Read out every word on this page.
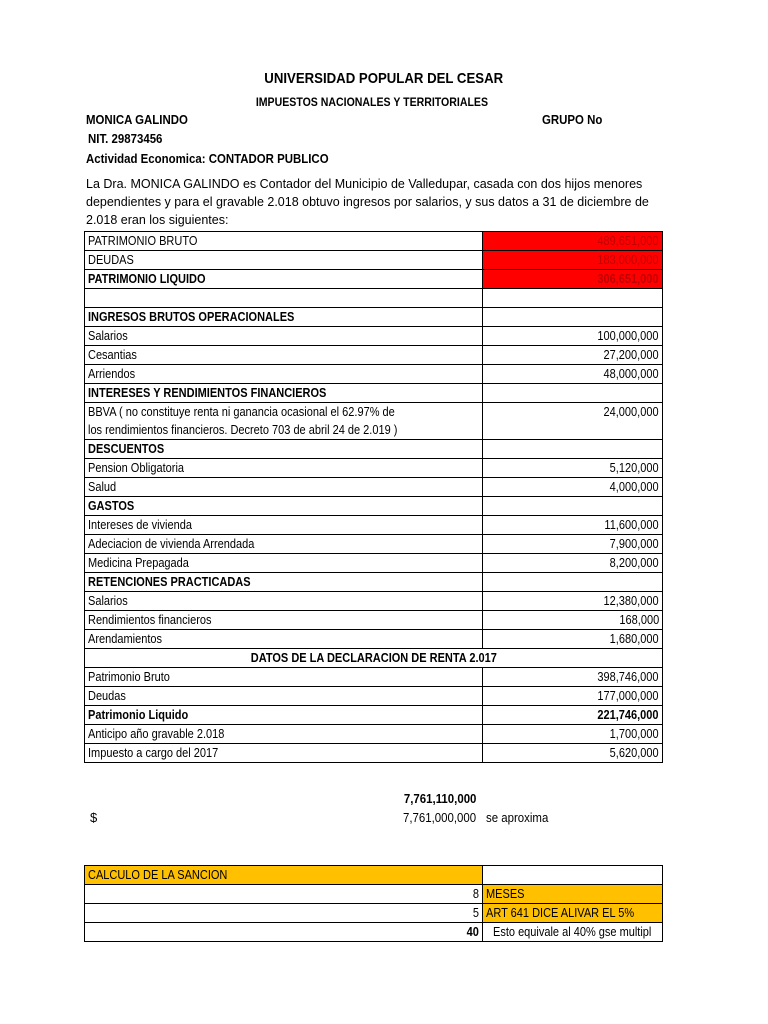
UNIVERSIDAD POPULAR DEL CESAR
IMPUESTOS NACIONALES Y TERRITORIALES
MONICA GALINDO	GRUPO No
NIT. 29873456
Actividad Economica: CONTADOR PUBLICO
La Dra. MONICA GALINDO es Contador del Municipio de Valledupar, casada con dos hijos menores dependientes y para el gravable 2.018 obtuvo ingresos por salarios, y sus datos a 31 de diciembre de 2.018 eran los siguientes:
PATRIMONIO BRUTO	489,651,000
DEUDAS	183,000,000
PATRIMONIO LIQUIDO	306,651,000

INGRESOS BRUTOS OPERACIONALES	
Salarios	100,000,000
Cesantias	27,200,000
Arriendos	48,000,000
INTERESES Y RENDIMIENTOS FINANCIEROS	
BBVA ( no constituye renta ni ganancia ocasional el 62.97% de	24,000,000
los rendimientos financieros. Decreto 703 de abril 24 de 2.019 )	
DESCUENTOS	
Pension Obligatoria	5,120,000
Salud	4,000,000
GASTOS	
Intereses de vivienda	11,600,000
Adeciacion de vivienda Arrendada	7,900,000
Medicina Prepagada	8,200,000
RETENCIONES PRACTICADAS	
Salarios	12,380,000
Rendimientos financieros	168,000
Arendamientos	1,680,000
DATOS DE LA DECLARACION DE RENTA 2.017	
Patrimonio Bruto	398,746,000
Deudas	177,000,000
Patrimonio Liquido	221,746,000
Anticipo año gravable 2.018	1,700,000
Impuesto a cargo del 2017	5,620,000
7,761,110,000
$	7,761,000,000 se aproxima
CALCULO DE LA SANCION	
8	MESES
5	ART 641 DICE ALIVAR EL 5%
40	Esto equivale al 40% gse multipl
